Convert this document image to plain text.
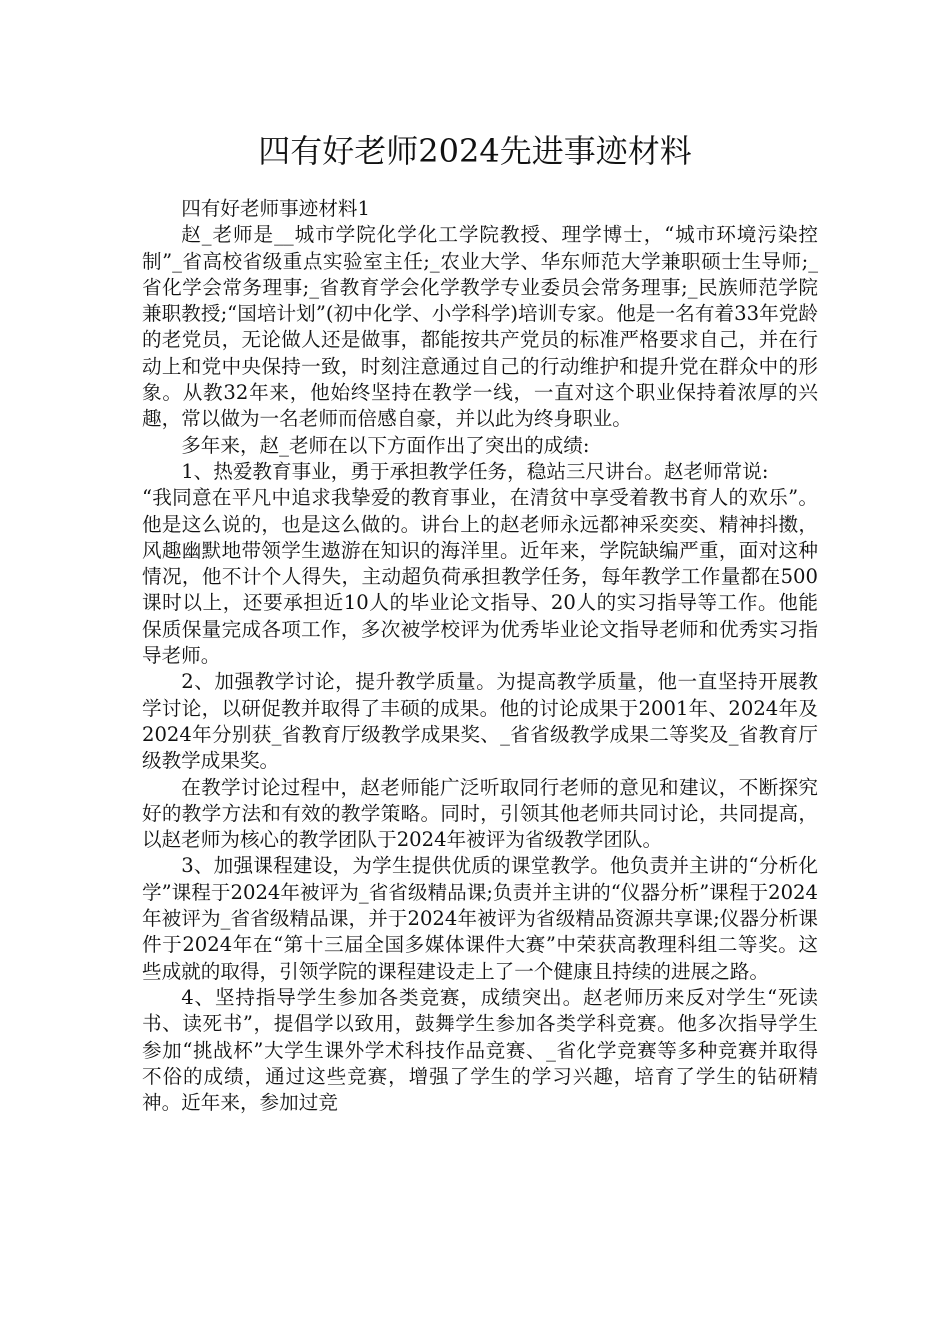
四有好老师2024先进事迹材料

四有好老师事迹材料1

赵_老师是__城市学院化学化工学院教授、理学博士，“城市环境污染控制”_省高校省级重点实验室主任;_农业大学、华东师范大学兼职硕士生导师;_省化学会常务理事;_省教育学会化学教学专业委员会常务理事;_民族师范学院兼职教授;“国培计划”(初中化学、小学科学)培训专家。他是一名有着33年党龄的老党员，无论做人还是做事，都能按共产党员的标准严格要求自己，并在行动上和党中央保持一致，时刻注意通过自己的行动维护和提升党在群众中的形象。从教32年来，他始终坚持在教学一线，一直对这个职业保持着浓厚的兴趣，常以做为一名老师而倍感自豪，并以此为终身职业。

多年来，赵_老师在以下方面作出了突出的成绩:

1、热爱教育事业，勇于承担教学任务，稳站三尺讲台。赵老师常说:

“我同意在平凡中追求我挚爱的教育事业，在清贫中享受着教书育人的欢乐”。他是这么说的，也是这么做的。讲台上的赵老师永远都神采奕奕、精神抖擞，风趣幽默地带领学生遨游在知识的海洋里。近年来，学院缺编严重，面对这种情况，他不计个人得失，主动超负荷承担教学任务，每年教学工作量都在500课时以上，还要承担近10人的毕业论文指导、20人的实习指导等工作。他能保质保量完成各项工作，多次被学校评为优秀毕业论文指导老师和优秀实习指导老师。

2、加强教学讨论，提升教学质量。为提高教学质量，他一直坚持开展教学讨论，以研促教并取得了丰硕的成果。他的讨论成果于2001年、2024年及2024年分别获_省教育厅级教学成果奖、_省省级教学成果二等奖及_省教育厅级教学成果奖。

在教学讨论过程中，赵老师能广泛听取同行老师的意见和建议，不断探究好的教学方法和有效的教学策略。同时，引领其他老师共同讨论，共同提高，以赵老师为核心的教学团队于2024年被评为省级教学团队。

3、加强课程建设，为学生提供优质的课堂教学。他负责并主讲的“分析化学”课程于2024年被评为_省省级精品课;负责并主讲的“仪器分析”课程于2024年被评为_省省级精品课，并于2024年被评为省级精品资源共享课;仪器分析课件于2024年在“第十三届全国多媒体课件大赛”中荣获高教理科组二等奖。这些成就的取得，引领学院的课程建设走上了一个健康且持续的进展之路。

4、坚持指导学生参加各类竞赛，成绩突出。赵老师历来反对学生“死读书、读死书”，提倡学以致用，鼓舞学生参加各类学科竞赛。他多次指导学生参加“挑战杯”大学生课外学术科技作品竞赛、_省化学竞赛等多种竞赛并取得不俗的成绩，通过这些竞赛，增强了学生的学习兴趣，培育了学生的钻研精神。近年来，参加过竞
